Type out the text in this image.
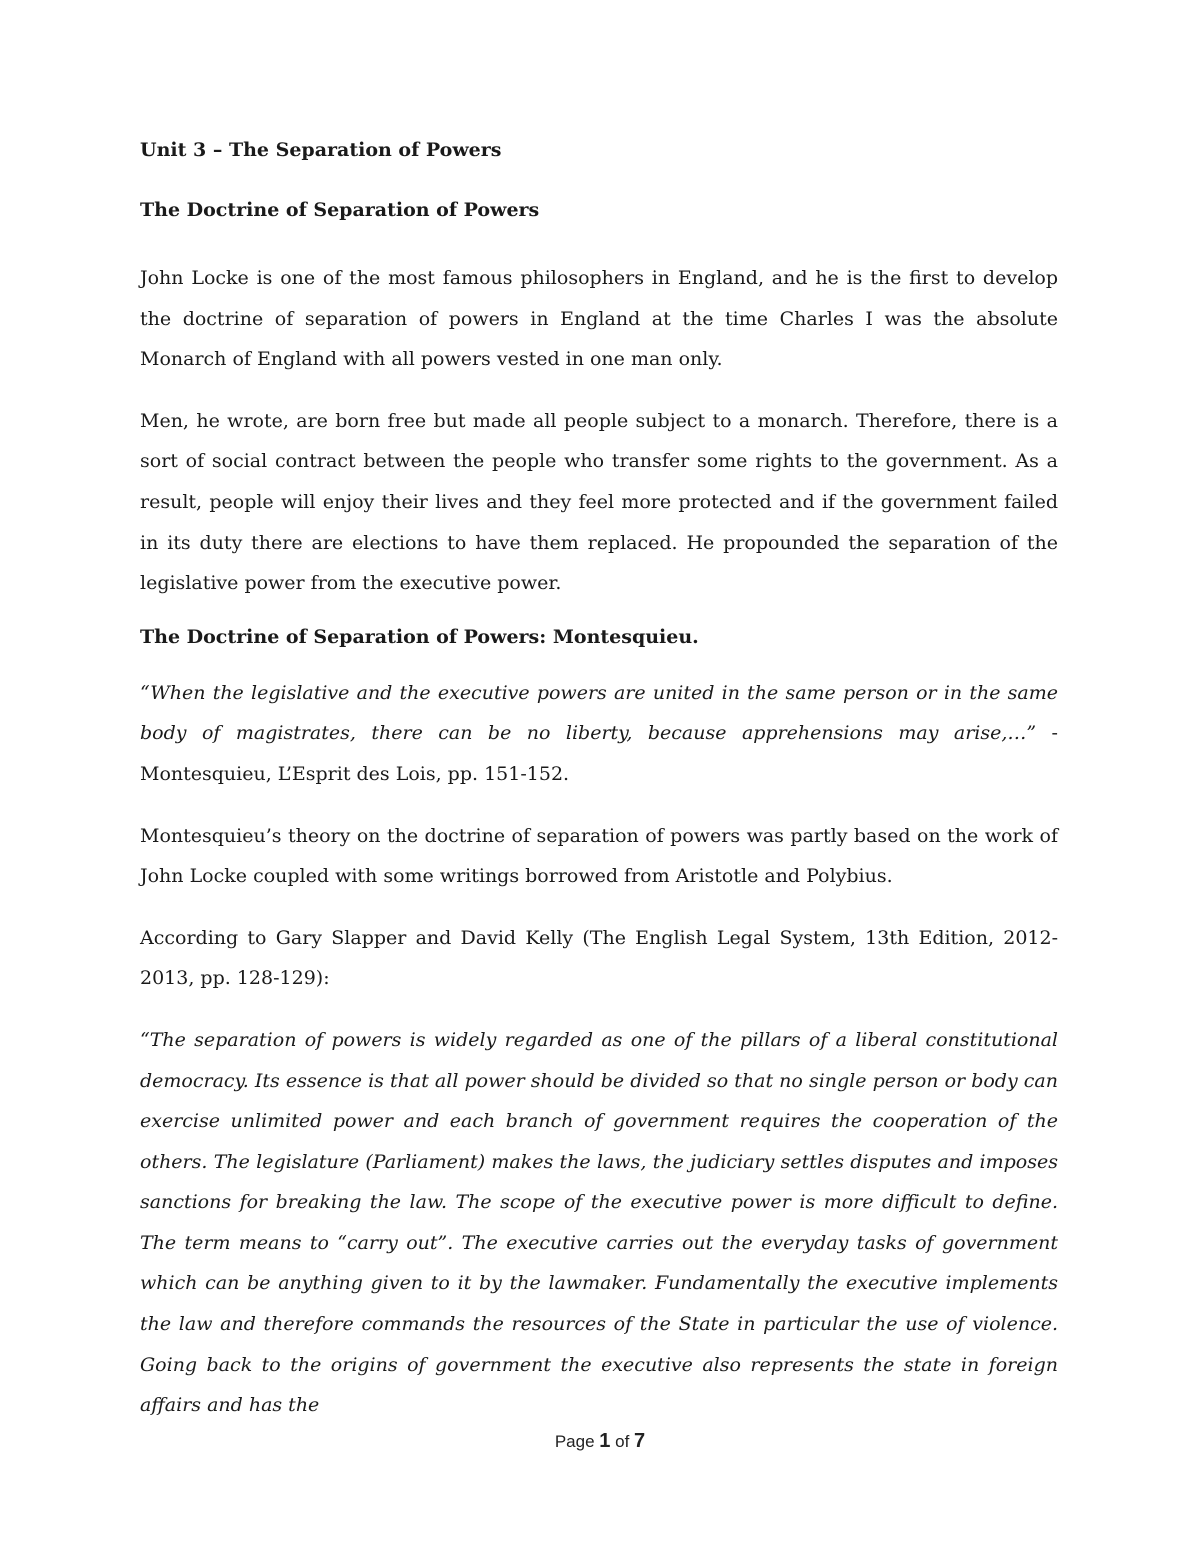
Unit 3 – The Separation of Powers
The Doctrine of Separation of Powers

John Locke is one of the most famous philosophers in England, and he is the first to develop the doctrine of separation of powers in England at the time Charles I was the absolute Monarch of England with all powers vested in one man only.

Men, he wrote, are born free but made all people subject to a monarch. Therefore, there is a sort of social contract between the people who transfer some rights to the government. As a result, people will enjoy their lives and they feel more protected and if the government failed in its duty there are elections to have them replaced. He propounded the separation of the legislative power from the executive power.

The Doctrine of Separation of Powers: Montesquieu.

“When the legislative and the executive powers are united in the same person or in the same body of magistrates, there can be no liberty, because apprehensions may arise,…” - Montesquieu, L’Esprit des Lois, pp. 151-152.

Montesquieu’s theory on the doctrine of separation of powers was partly based on the work of John Locke coupled with some writings borrowed from Aristotle and Polybius.

According to Gary Slapper and David Kelly (The English Legal System, 13th Edition, 2012-2013, pp. 128-129):

“The separation of powers is widely regarded as one of the pillars of a liberal constitutional democracy. Its essence is that all power should be divided so that no single person or body can exercise unlimited power and each branch of government requires the cooperation of the others. The legislature (Parliament) makes the laws, the judiciary settles disputes and imposes sanctions for breaking the law. The scope of the executive power is more difficult to define. The term means to “carry out”. The executive carries out the everyday tasks of government which can be anything given to it by the lawmaker. Fundamentally the executive implements the law and therefore commands the resources of the State in particular the use of violence. Going back to the origins of government the executive also represents the state in foreign affairs and has the

Page 1 of 7
